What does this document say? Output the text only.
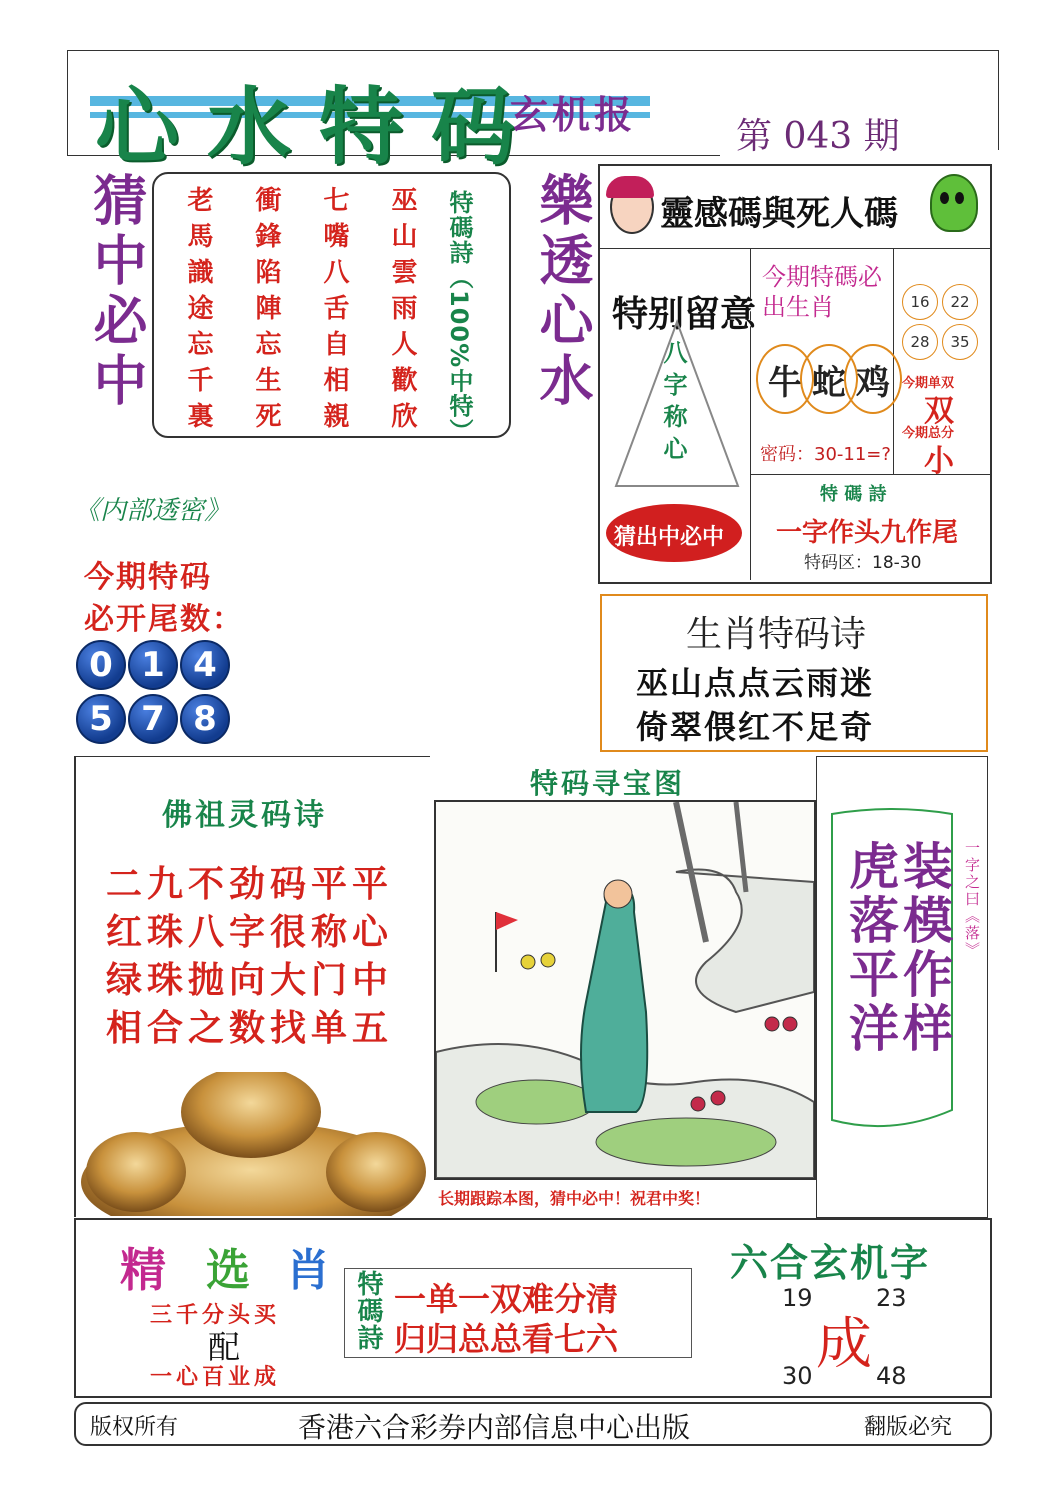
心水特码
玄机报	第 043 期
猜中必中	樂透心水
老馬識途忘千裏 衝鋒陷陣忘生死 七嘴八舌自相親 巫山雲雨人歡欣 特碼詩（100%中特）	靈感碼與死人碼
特别留意
八字称心
猜出中必中
今期特碼必出生肖
牛 蛇 鸡
密码：30-11=?
16	22
28	35
今期单双
双
今期总分
小
特 碼 詩
一字作头九作尾
特码区：18-30
《内部透密》
今期特码
必开尾数：
0 1 4
5 7 8
生肖特码诗
巫山点点云雨迷
倚翠偎红不足奇
佛祖灵码诗
二九不劲码平平
红珠八字很称心
绿珠抛向大门中
相合之数找单五
特码寻宝图
长期跟踪本图，猜中必中！祝君中奖！
装模作样
虎落平洋	一字之曰《落》
精 选 肖
三千分头买
配
一心百业成
特碼詩 一单一双难分清
归归总总看七六
六合玄机字
19	23
成
30	48
版权所有	香港六合彩券内部信息中心出版	翻版必究
